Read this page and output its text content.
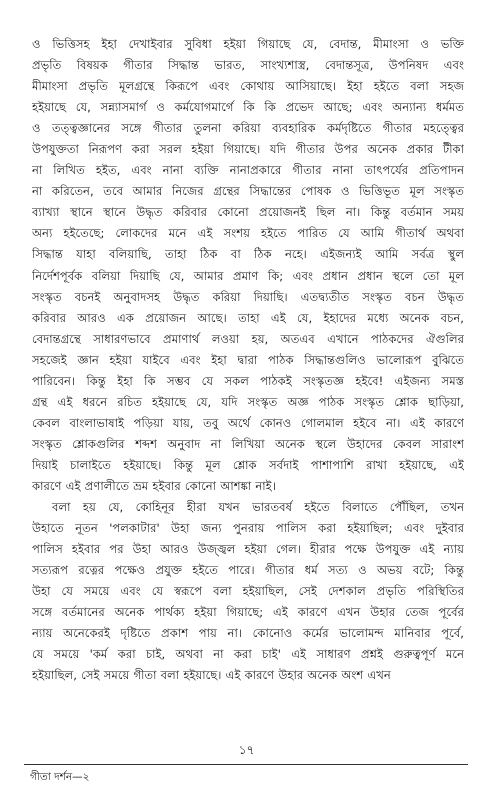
ও ভিত্তিসহ ইহা দেখাইবার সুবিধা হইয়া গিয়াছে যে, বেদান্ত, মীমাংসা ও ভক্তি
প্রভৃতি বিষয়ক গীতার সিদ্ধান্ত ভারত, সাংখ্যশাস্ত্র, বেদান্তসূত্র, উপনিষদ এবং
মীমাংসা প্রভৃতি মূলগ্রন্থে কিরূপে এবং কোথায় আসিয়াছে। ইহা হইতে বলা সহজ
হইয়াছে যে, সন্ন্যাসমার্গ ও কর্মযোগমার্গে কি কি প্রভেদ আছে; এবং অন্যান্য ধর্মমত
ও তত্ত্বজ্ঞানের সঙ্গে গীতার তুলনা করিয়া ব্যবহারিক কর্মদৃষ্টিতে গীতার মহত্ত্বের
উপযুক্ততা নিরূপণ করা সরল হইয়া গিয়াছে। যদি গীতার উপর অনেক প্রকার টীকা
না লিখিত হইত, এবং নানা ব্যক্তি নানাপ্রকারে গীতার নানা তাৎপর্যের প্রতিপাদন
না করিতেন, তবে আমার নিজের গ্রন্থের সিদ্ধান্তের পোষক ও ভিত্তিভূত মূল সংস্কৃত
ব্যাখ্যা স্থানে স্থানে উদ্ধৃত করিবার কোনো প্রয়োজনই ছিল না। কিন্তু বর্তমান সময়
অন্য হইতেছে; লোকদের মনে এই সংশয় হইতে পারিত যে আমি গীতার্থ অথবা
সিদ্ধান্ত যাহা বলিয়াছি, তাহা ঠিক বা ঠিক নহে। এইজন্যই আমি সর্বত্র স্থুল
নির্দেশপূর্বক বলিয়া দিয়াছি যে, আমার প্রমাণ কি; এবং প্রধান প্রধান স্থলে তো মূল
সংস্কৃত বচনই অনুবাদসহ উদ্ধৃত করিয়া দিয়াছি। এতদ্ব্যতীত সংস্কৃত বচন উদ্ধৃত
করিবার আরও এক প্রয়োজন আছে। তাহা এই যে, ইহাদের মধ্যে অনেক বচন,
বেদান্তগ্রন্থে সাধারণভাবে প্রমাণার্থ লওয়া হয়, অতএব এখানে পাঠকদের ঐগুলির
সহজেই জ্ঞান হইয়া যাইবে এবং ইহা দ্বারা পাঠক সিদ্ধান্তগুলিও ভালোরূপ বুঝিতে
পারিবেন। কিন্তু ইহা কি সম্ভব যে সকল পাঠকই সংস্কৃতজ্ঞ হইবে! এইজন্য সমস্ত
গ্রন্থ এই ধরনে রচিত হইয়াছে যে, যদি সংস্কৃত অজ্ঞ পাঠক সংস্কৃত শ্লোক ছাড়িয়া,
কেবল বাংলাভাষাই পড়িয়া যায়, তবু অর্থে কোনও গোলমাল হইবে না। এই কারণে
সংস্কৃত শ্লোকগুলির শব্দশ অনুবাদ না লিখিয়া অনেক স্থলে উহাদের কেবল সারাংশ
দিয়াই চালাইতে হইয়াছে। কিন্তু মূল শ্লোক সর্বদাই পাশাপাশি রাখা হইয়াছে, এই
কারণে এই প্রণালীতে ভ্রম হইবার কোনো আশঙ্কা নাই।
বলা হয় যে, কোহিনূর হীরা যখন ভারতবর্ষ হইতে বিলাতে পৌঁছিল, তখন
উহাতে নূতন 'পলকাটার' উহা জন্য পুনরায় পালিস করা হইয়াছিল; এবং দুইবার
পালিস হইবার পর উহা আরও উজ্জ্বল হইয়া গেল। হীরার পক্ষে উপযুক্ত এই ন্যায়
সত্যরূপ রত্নের পক্ষেও প্রযুক্ত হইতে পারে। গীতার ধর্ম সত্য ও অভয় বটে; কিন্তু
উহা যে সময়ে এবং যে স্বরূপে বলা হইয়াছিল, সেই দেশকাল প্রভৃতি পরিস্থিতির
সঙ্গে বর্তমানের অনেক পার্থক্য হইয়া গিয়াছে; এই কারণে এখন উহার তেজ পূর্বের
ন্যায় অনেকেরই দৃষ্টিতে প্রকাশ পায় না। কোনোও কর্মের ভালোমন্দ মানিবার পূর্বে,
যে সময়ে 'কর্ম করা চাই, অথবা না করা চাই' এই সাধারণ প্রশ্নই গুরুত্বপূর্ণ মনে
হইয়াছিল, সেই সময়ে গীতা বলা হইয়াছে। এই কারণে উহার অনেক অংশ এখন
১৭
গীতা দর্শন—২
